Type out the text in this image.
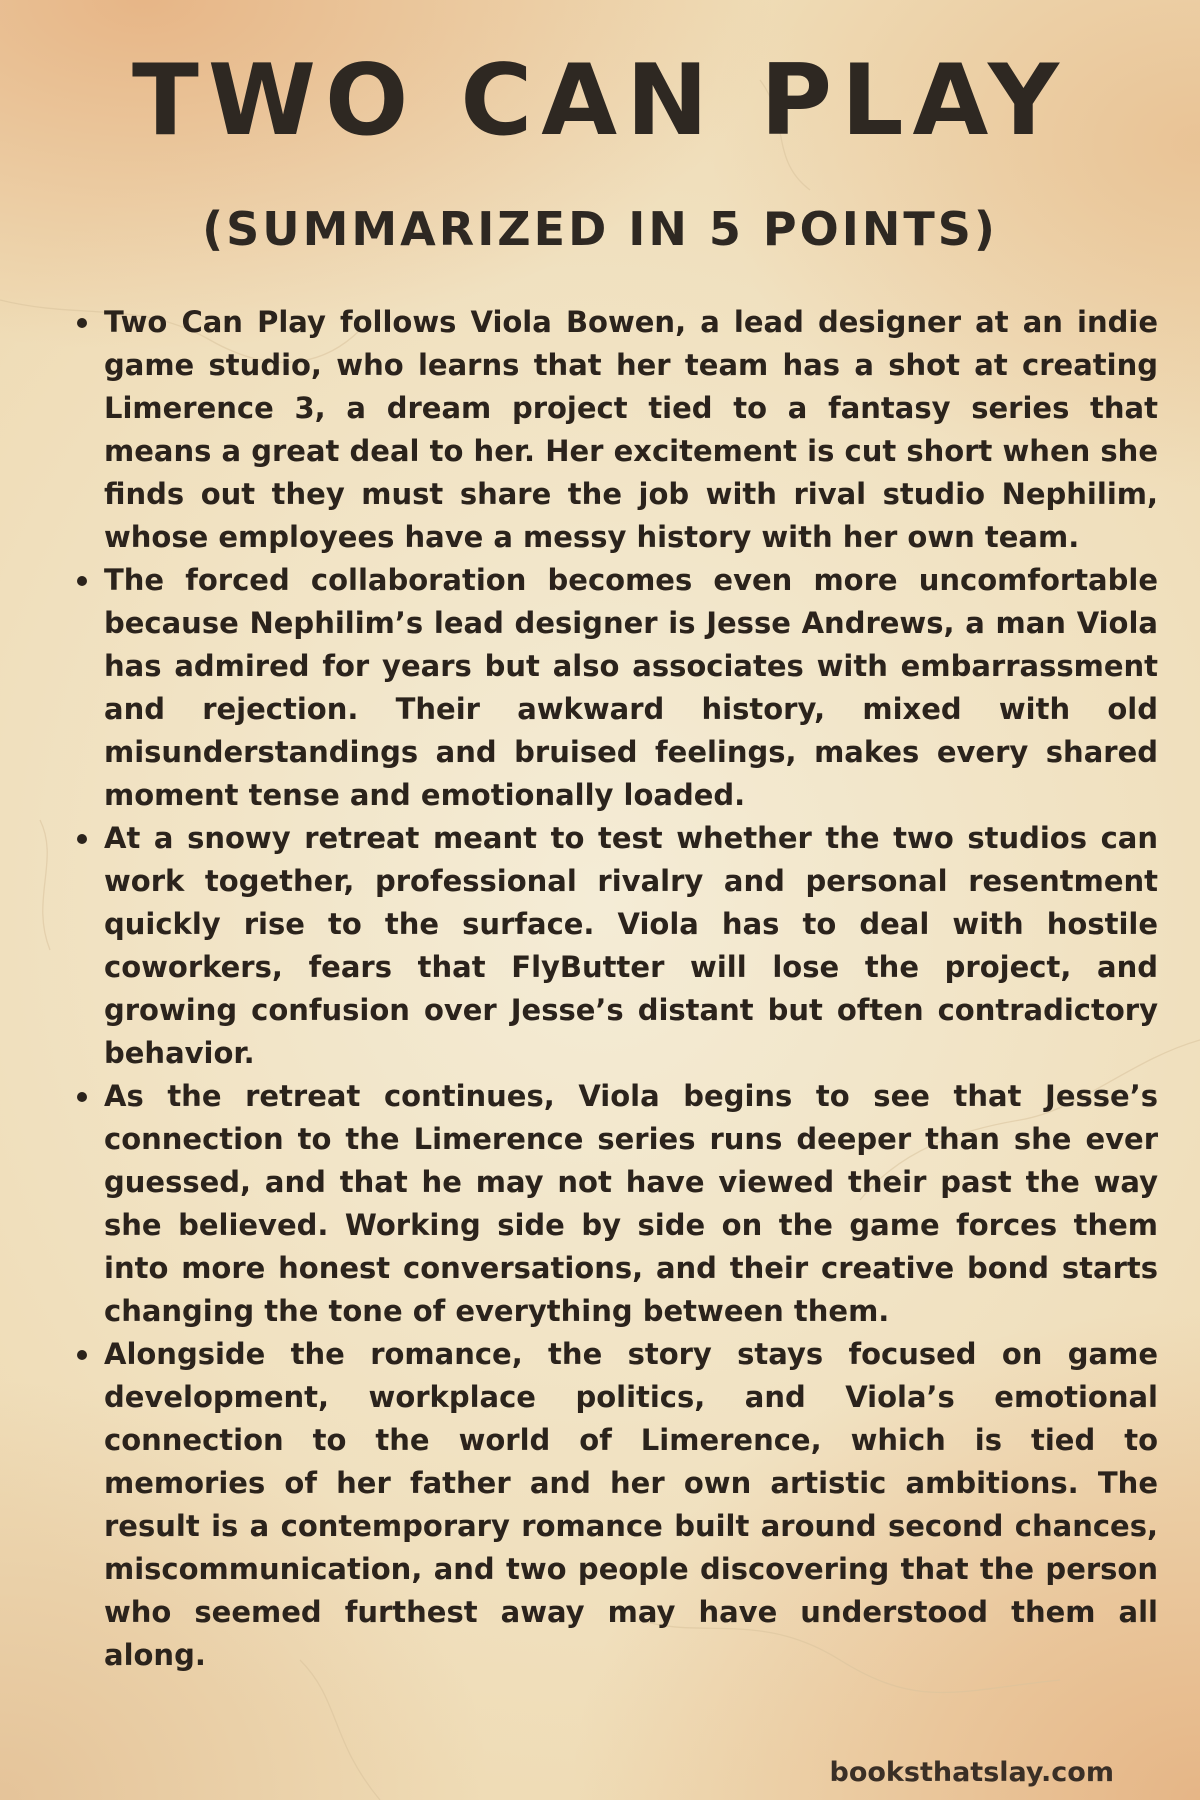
TWO CAN PLAY
(SUMMARIZED IN 5 POINTS)
Two Can Play follows Viola Bowen, a lead designer at an indie game studio, who learns that her team has a shot at creating Limerence 3, a dream project tied to a fantasy series that means a great deal to her. Her excitement is cut short when she finds out they must share the job with rival studio Nephilim, whose employees have a messy history with her own team.
The forced collaboration becomes even more uncomfortable because Nephilim’s lead designer is Jesse Andrews, a man Viola has admired for years but also associates with embarrassment and rejection. Their awkward history, mixed with old misunderstandings and bruised feelings, makes every shared moment tense and emotionally loaded.
At a snowy retreat meant to test whether the two studios can work together, professional rivalry and personal resentment quickly rise to the surface. Viola has to deal with hostile coworkers, fears that FlyButter will lose the project, and growing confusion over Jesse’s distant but often contradictory behavior.
As the retreat continues, Viola begins to see that Jesse’s connection to the Limerence series runs deeper than she ever guessed, and that he may not have viewed their past the way she believed. Working side by side on the game forces them into more honest conversations, and their creative bond starts changing the tone of everything between them.
Alongside the romance, the story stays focused on game development, workplace politics, and Viola’s emotional connection to the world of Limerence, which is tied to memories of her father and her own artistic ambitions. The result is a contemporary romance built around second chances, miscommunication, and two people discovering that the person who seemed furthest away may have understood them all along.
booksthatslay.com
